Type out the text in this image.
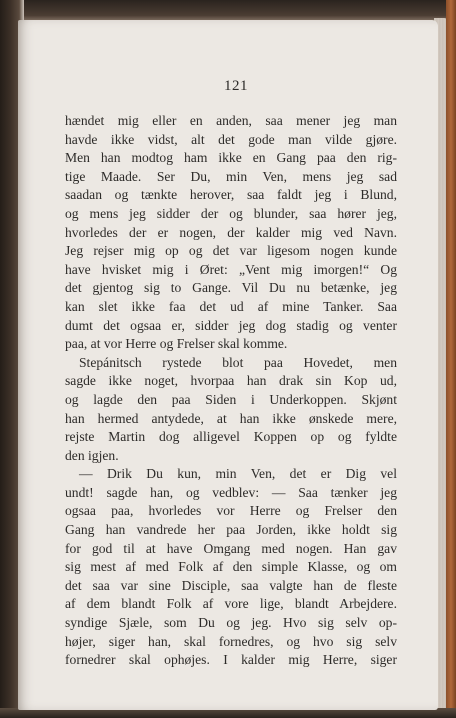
121
hændet mig eller en anden, saa mener jeg man
havde ikke vidst, alt det gode man vilde gjøre.
Men han modtog ham ikke en Gang paa den rig-
tige Maade. Ser Du, min Ven, mens jeg sad
saadan og tænkte herover, saa faldt jeg i Blund,
og mens jeg sidder der og blunder, saa hører jeg,
hvorledes der er nogen, der kalder mig ved Navn.
Jeg rejser mig op og det var ligesom nogen kunde
have hvisket mig i Øret: „Vent mig imorgen!“ Og
det gjentog sig to Gange. Vil Du nu betænke, jeg
kan slet ikke faa det ud af mine Tanker. Saa
dumt det ogsaa er, sidder jeg dog stadig og venter
paa, at vor Herre og Frelser skal komme.
Stepánitsch rystede blot paa Hovedet, men
sagde ikke noget, hvorpaa han drak sin Kop ud,
og lagde den paa Siden i Underkoppen. Skjønt
han hermed antydede, at han ikke ønskede mere,
rejste Martin dog alligevel Koppen op og fyldte
den igjen.
— Drik Du kun, min Ven, det er Dig vel
undt! sagde han, og vedblev: — Saa tænker jeg
ogsaa paa, hvorledes vor Herre og Frelser den
Gang han vandrede her paa Jorden, ikke holdt sig
for god til at have Omgang med nogen. Han gav
sig mest af med Folk af den simple Klasse, og om
det saa var sine Disciple, saa valgte han de fleste
af dem blandt Folk af vore lige, blandt Arbejdere.
syndige Sjæle, som Du og jeg. Hvo sig selv op-
højer, siger han, skal fornedres, og hvo sig selv
fornedrer skal ophøjes. I kalder mig Herre, siger
